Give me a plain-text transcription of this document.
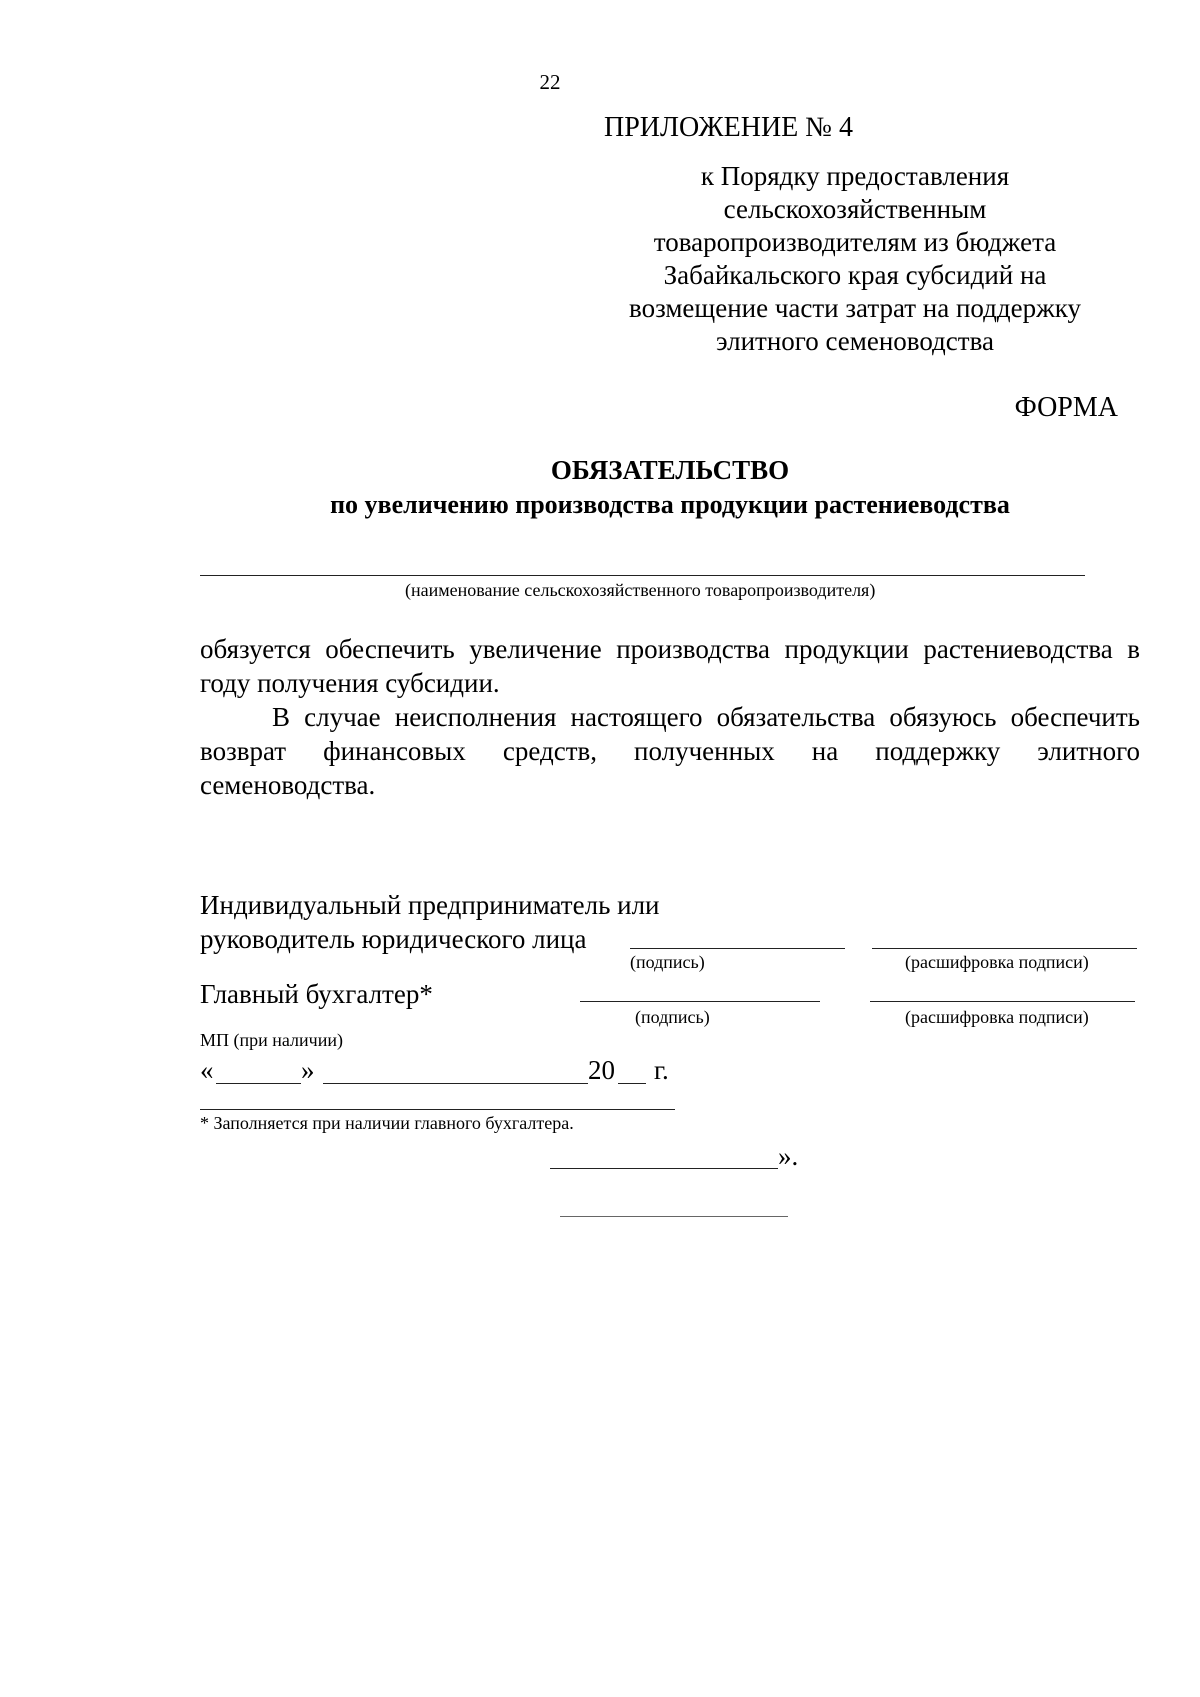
22
ПРИЛОЖЕНИЕ № 4
к Порядку предоставления сельскохозяйственным товаропроизводителям из бюджета Забайкальского края субсидий на возмещение части затрат на поддержку элитного семеноводства
ФОРМА
ОБЯЗАТЕЛЬСТВО
по увеличению производства продукции растениеводства
(наименование сельскохозяйственного товаропроизводителя)

обязуется обеспечить увеличение производства продукции растениеводства в году получения субсидии.

В случае неисполнения настоящего обязательства обязуюсь обеспечить возврат финансовых средств, полученных на поддержку элитного семеноводства.

Индивидуальный предприниматель или
руководитель юридического лица
(подпись)	(расшифровка подписи)
Главный бухгалтер*
(подпись)	(расшифровка подписи)
МП (при наличии)
«	»	20 г.
* Заполняется при наличии главного бухгалтера.
».
